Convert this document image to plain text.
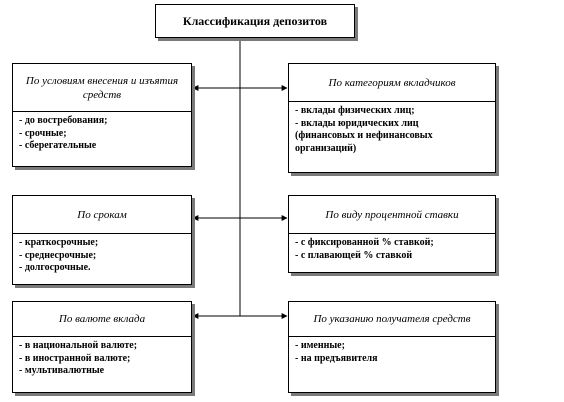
Классификация депозитов
По условиям внесения и изъятия средств
- до востребования;
- срочные;
- сберегательные
По категориям вкладчиков
- вклады физических лиц;
- вклады юридических лиц
(финансовых и нефинансовых
организаций)
По срокам
- краткосрочные;
- среднесрочные;
- долгосрочные.
По виду процентной ставки
- с фиксированной % ставкой;
- с плавающей % ставкой
По валюте вклада
- в национальной валюте;
- в иностранной валюте;
- мультивалютные
По указанию получателя средств
- именные;
- на предъявителя
